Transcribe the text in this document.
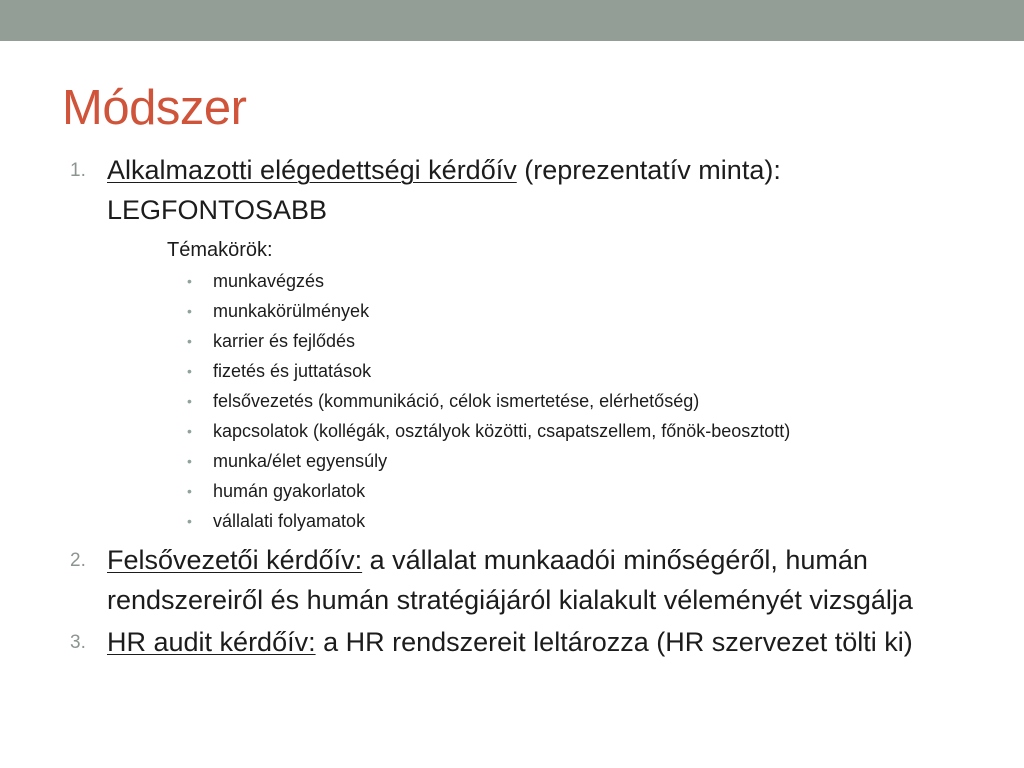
Módszer
1. Alkalmazotti elégedettségi kérdőív (reprezentatív minta): LEGFONTOSABB
Témakörök:
• munkavégzés
• munkakörülmények
• karrier és fejlődés
• fizetés és juttatások
• felsővezetés (kommunikáció, célok ismertetése, elérhetőség)
• kapcsolatok (kollégák, osztályok közötti, csapatszellem, főnök-beosztott)
• munka/élet egyensúly
• humán gyakorlatok
• vállalati folyamatok
2. Felsővezetői kérdőív: a vállalat munkaadói minőségéről, humán rendszereiről és humán stratégiájáról kialakult véleményét vizsgálja
3. HR audit kérdőív: a HR rendszereit leltározza (HR szervezet tölti ki)
